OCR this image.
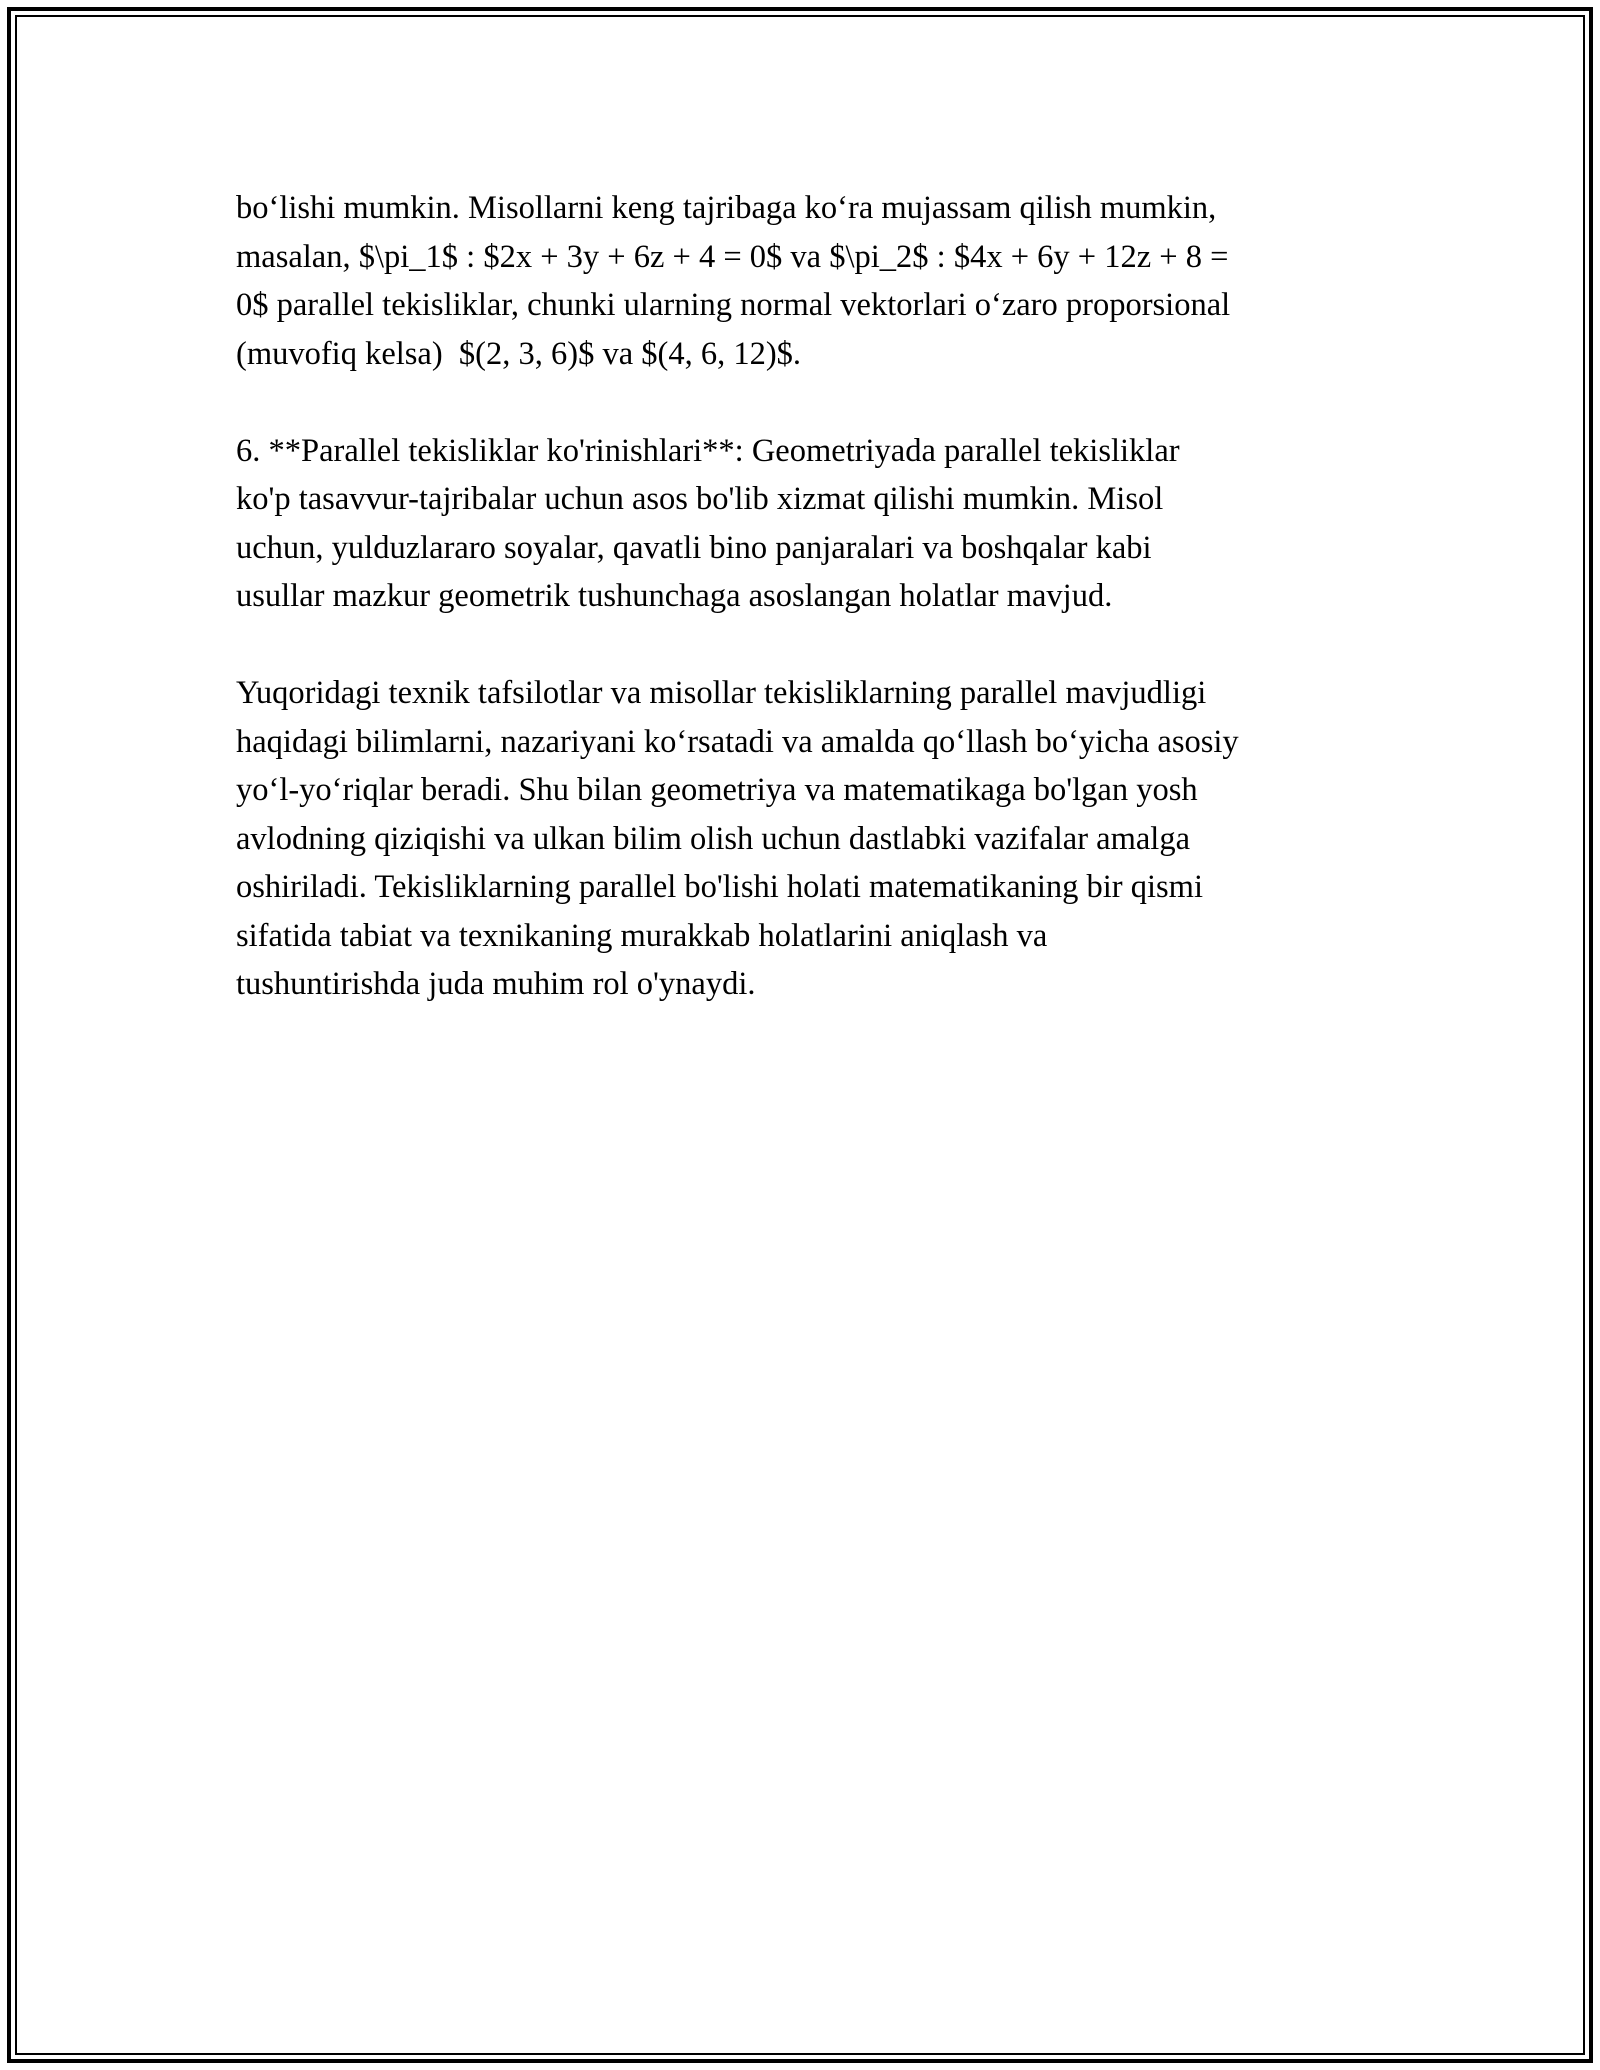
bo‘lishi mumkin. Misollarni keng tajribaga ko‘ra mujassam qilish mumkin,
masalan, $\pi_1$ : $2x + 3y + 6z + 4 = 0$ va $\pi_2$ : $4x + 6y + 12z + 8 =
0$ parallel tekisliklar, chunki ularning normal vektorlari o‘zaro proporsional
(muvofiq kelsa)  $(2, 3, 6)$ va $(4, 6, 12)$.

6. **Parallel tekisliklar ko'rinishlari**: Geometriyada parallel tekisliklar
ko'p tasavvur-tajribalar uchun asos bo'lib xizmat qilishi mumkin. Misol
uchun, yulduzlararo soyalar, qavatli bino panjaralari va boshqalar kabi
usullar mazkur geometrik tushunchaga asoslangan holatlar mavjud.

Yuqoridagi texnik tafsilotlar va misollar tekisliklarning parallel mavjudligi
haqidagi bilimlarni, nazariyani ko‘rsatadi va amalda qo‘llash bo‘yicha asosiy
yo‘l-yo‘riqlar beradi. Shu bilan geometriya va matematikaga bo'lgan yosh
avlodning qiziqishi va ulkan bilim olish uchun dastlabki vazifalar amalga
oshiriladi. Tekisliklarning parallel bo'lishi holati matematikaning bir qismi
sifatida tabiat va texnikaning murakkab holatlarini aniqlash va
tushuntirishda juda muhim rol o'ynaydi.
